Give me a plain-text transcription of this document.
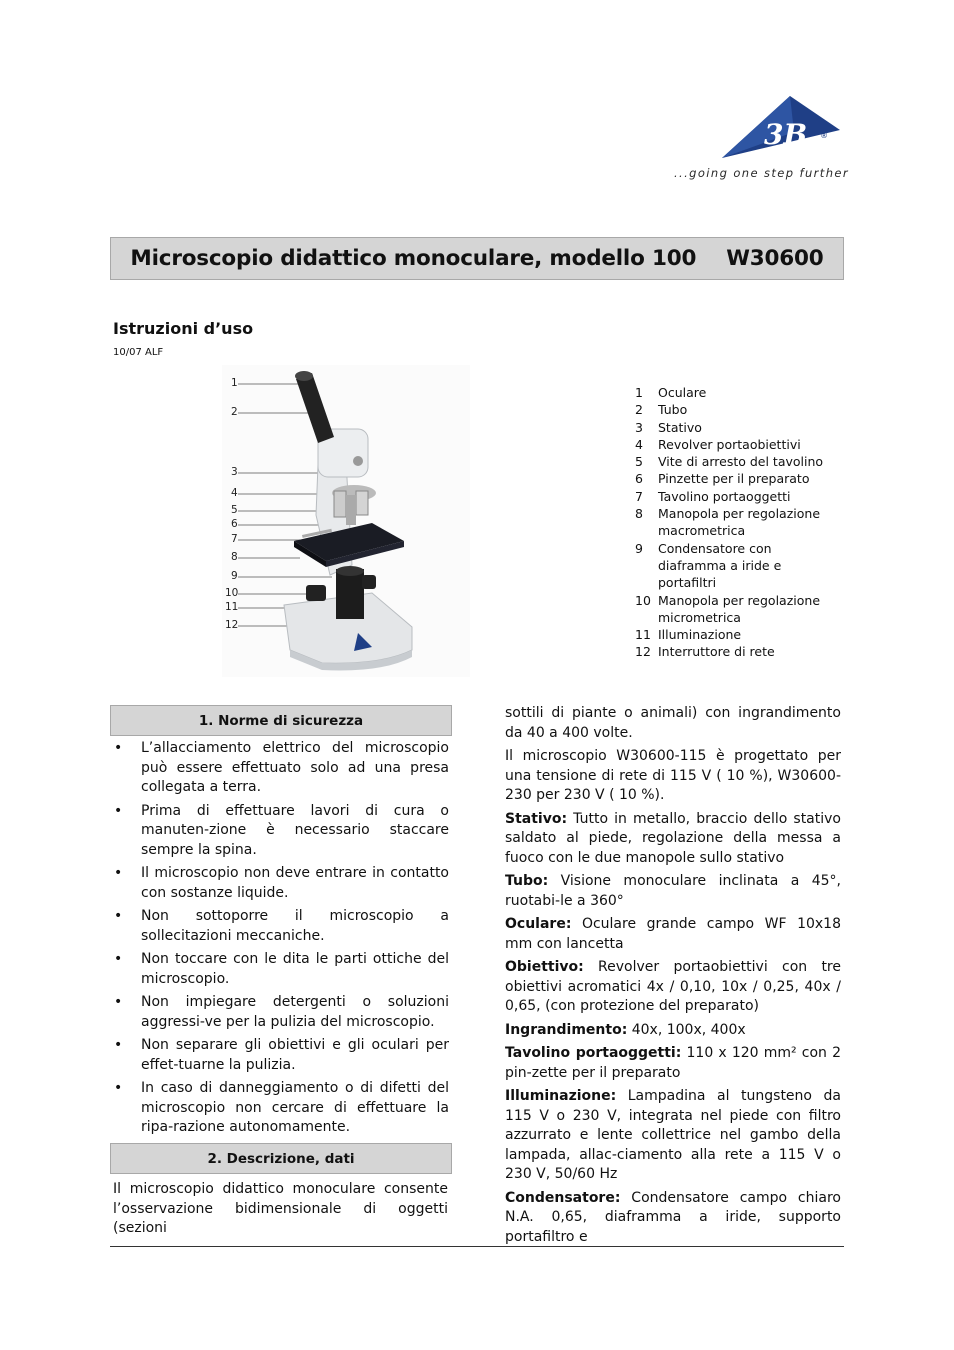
3B ®
...going one step further
Microscopio didattico monoculare, modello 100 W30600
Istruzioni d’uso
10/07 ALF
1
2
3
4
5
6
7
8
9
10
11
12
1	Oculare
2	Tubo
3	Stativo
4	Revolver portaobiettivi
5	Vite di arresto del tavolino
6	Pinzette per il preparato
7	Tavolino portaoggetti
8	Manopola per regolazione macrometrica
9	Condensatore con diaframma a iride e portafiltri
10 Manopola per regolazione micrometrica
11 Illuminazione
12 Interruttore di rete
1. Norme di sicurezza
• L’allacciamento elettrico del microscopio può essere effettuato solo ad una presa collegata a terra.
• Prima di effettuare lavori di cura o manuten-zione è necessario staccare sempre la spina.
• Il microscopio non deve entrare in contatto con sostanze liquide.
• Non sottoporre il microscopio a sollecitazioni meccaniche.
• Non toccare con le dita le parti ottiche del microscopio.
• Non impiegare detergenti o soluzioni aggressi-ve per la pulizia del microscopio.
• Non separare gli obiettivi e gli oculari per effet-tuarne la pulizia.
• In caso di danneggiamento o di difetti del microscopio non cercare di effettuare la ripa-razione autonomamente.
2. Descrizione, dati

Il microscopio didattico monoculare consente l’osservazione bidimensionale di oggetti (sezioni

sottili di piante o animali) con ingrandimento da 40 a 400 volte.

Il microscopio W30600-115 è progettato per una tensione di rete di 115 V ( 10 %), W30600-230 per 230 V ( 10 %).

Stativo: Tutto in metallo, braccio dello stativo saldato al piede, regolazione della messa a fuoco con le due manopole sullo stativo

Tubo: Visione monoculare inclinata a 45°, ruotabi-le a 360°

Oculare: Oculare grande campo WF 10x18 mm con lancetta

Obiettivo: Revolver portaobiettivi con tre obiettivi acromatici 4x / 0,10, 10x / 0,25, 40x / 0,65, (con protezione del preparato)

Ingrandimento: 40x, 100x, 400x

Tavolino portaoggetti: 110 x 120 mm² con 2 pin-zette per il preparato

Illuminazione: Lampadina al tungsteno da 115 V o 230 V, integrata nel piede con filtro azzurrato e lente collettrice nel gambo della lampada, allac-ciamento alla rete a 115 V o 230 V, 50/60 Hz

Condensatore: Condensatore campo chiaro N.A. 0,65, diaframma a iride, supporto portafiltro e
